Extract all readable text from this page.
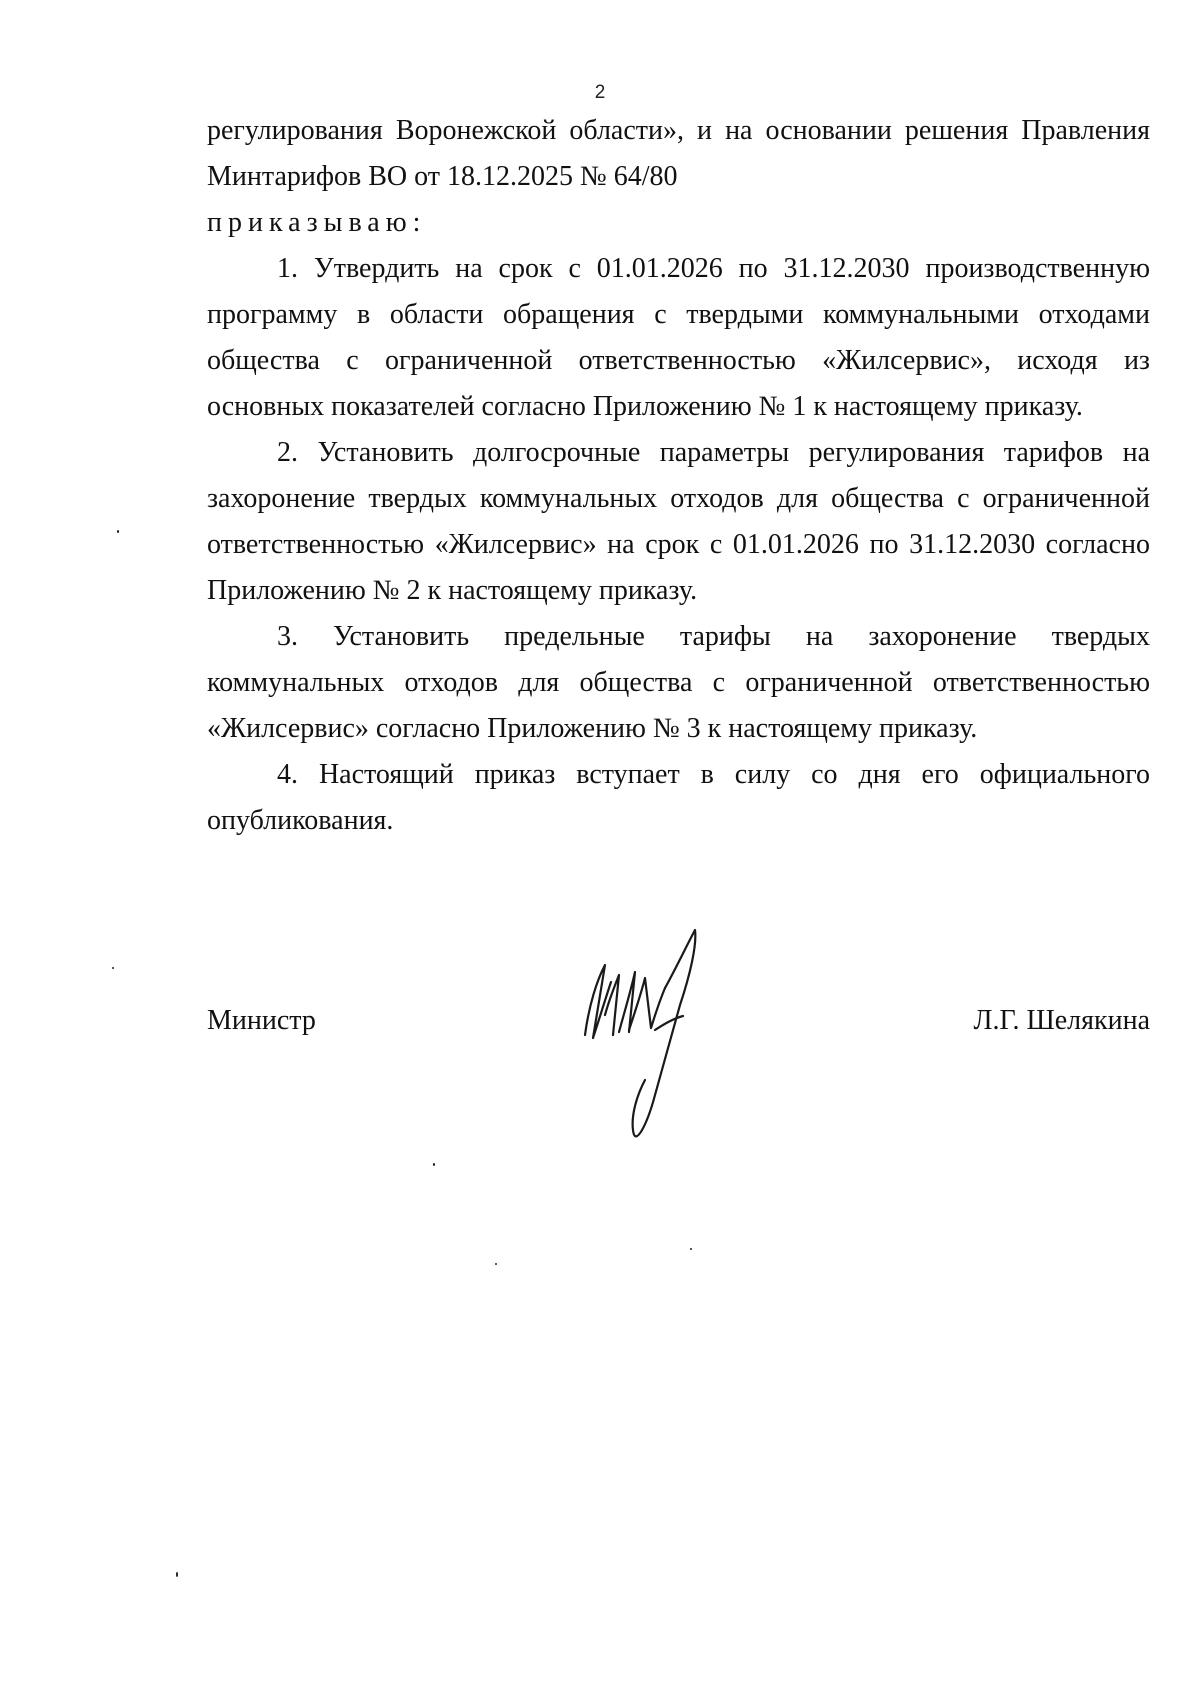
2
регулирования Воронежской области», и на основании решения Правления
Минтарифов ВО от 18.12.2025 № 64/80
приказываю:
1. Утвердить на срок с 01.01.2026 по 31.12.2030 производственную
программу в области обращения с твердыми коммунальными отходами
общества с ограниченной ответственностью «Жилсервис», исходя из
основных показателей согласно Приложению № 1 к настоящему приказу.
2. Установить долгосрочные параметры регулирования тарифов на
захоронение твердых коммунальных отходов для общества с ограниченной
ответственностью «Жилсервис» на срок с 01.01.2026 по 31.12.2030 согласно
Приложению № 2 к настоящему приказу.
3. Установить предельные тарифы на захоронение твердых
коммунальных отходов для общества с ограниченной ответственностью
«Жилсервис» согласно Приложению № 3 к настоящему приказу.
4. Настоящий приказ вступает в силу со дня его официального
опубликования.
Министр	Л.Г. Шелякина
